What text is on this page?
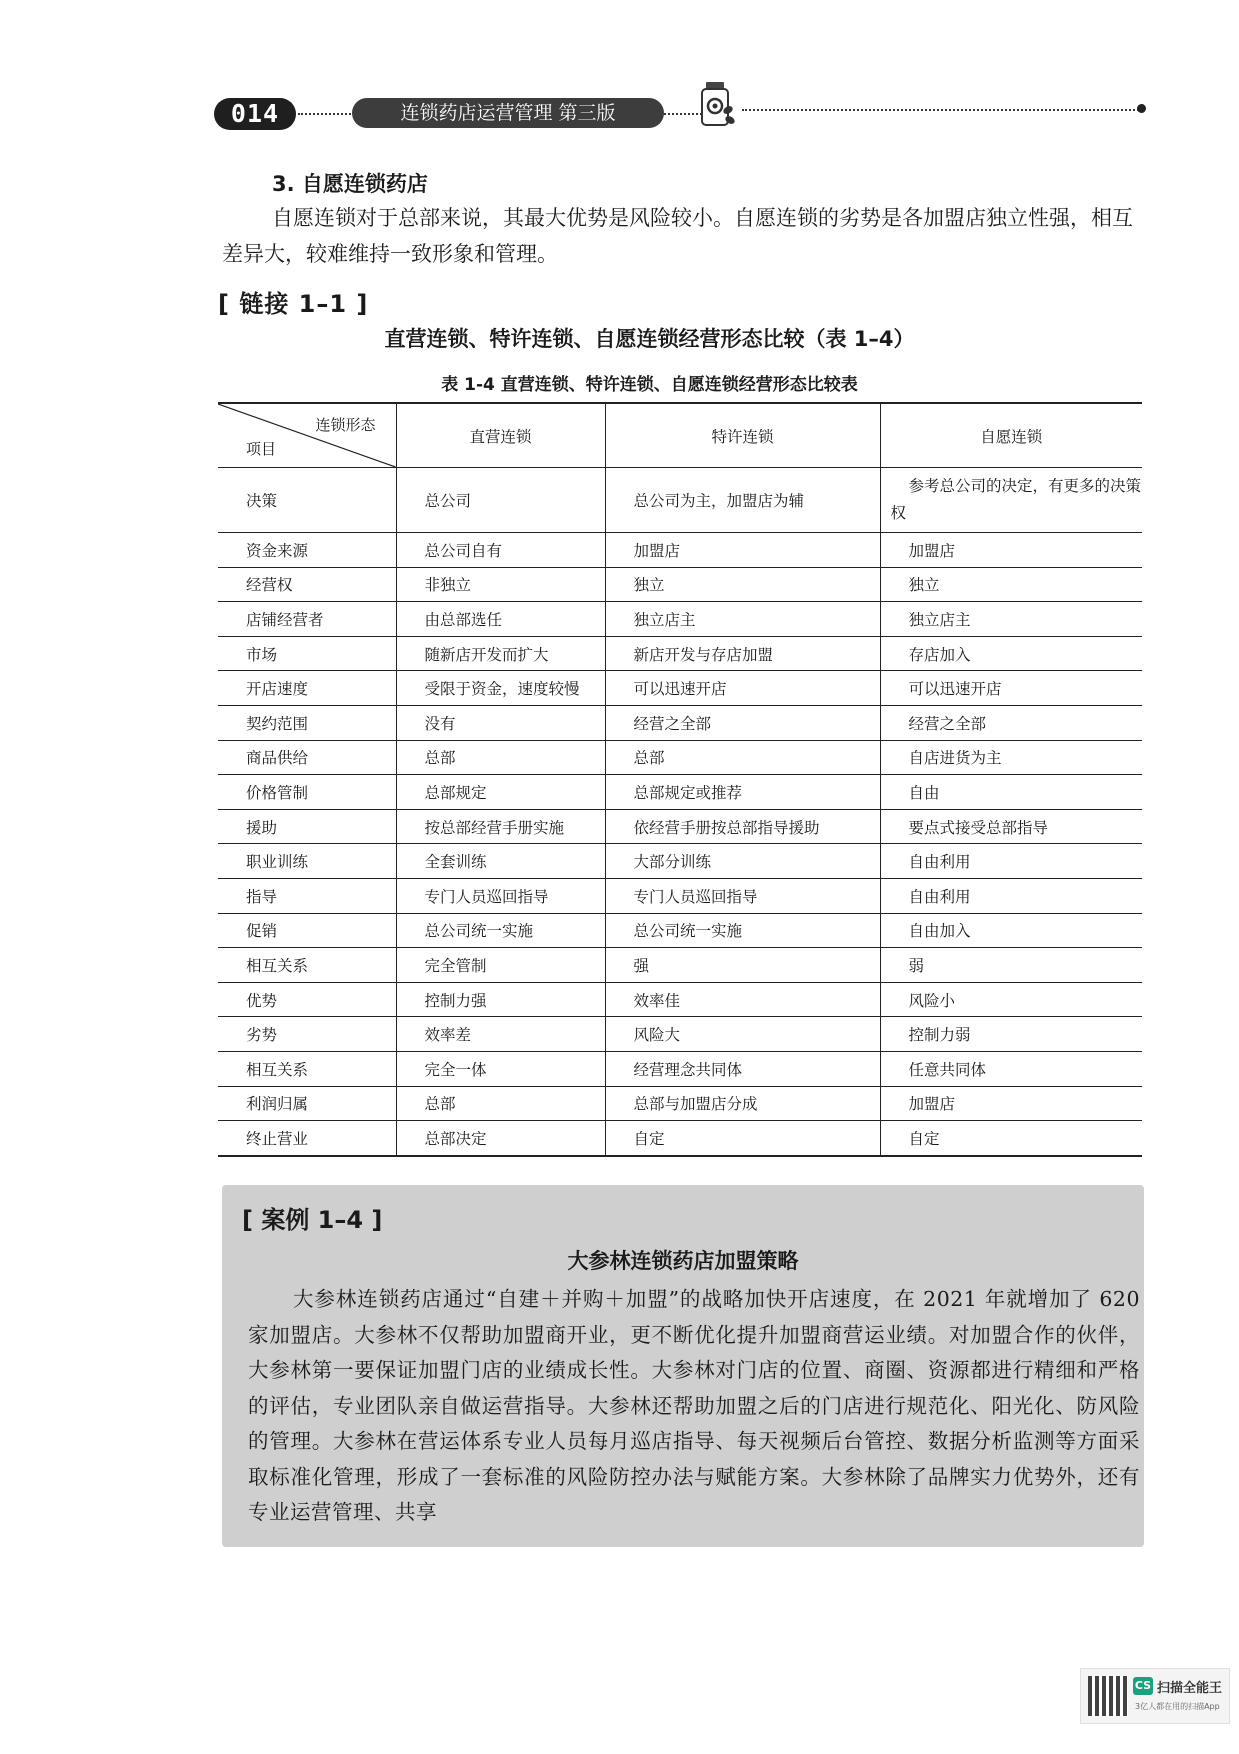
014	连锁药店运营管理 第三版
3. 自愿连锁药店
自愿连锁对于总部来说，其最大优势是风险较小。自愿连锁的劣势是各加盟店独立性强，相互差异大，较难维持一致形象和管理。
[ 链接 1–1 ]
直营连锁、特许连锁、自愿连锁经营形态比较（表 1–4）
表 1-4 直营连锁、特许连锁、自愿连锁经营形态比较表
连锁形态
项目	直营连锁	特许连锁	自愿连锁
决策	总公司	总公司为主，加盟店为辅	参考总公司的决定，有更多的决策权
资金来源	总公司自有	加盟店	加盟店
经营权	非独立	独立	独立
店铺经营者	由总部选任	独立店主	独立店主
市场	随新店开发而扩大	新店开发与存店加盟	存店加入
开店速度	受限于资金，速度较慢	可以迅速开店	可以迅速开店
契约范围	没有	经营之全部	经营之全部
商品供给	总部	总部	自店进货为主
价格管制	总部规定	总部规定或推荐	自由
援助	按总部经营手册实施	依经营手册按总部指导援助	要点式接受总部指导
职业训练	全套训练	大部分训练	自由利用
指导	专门人员巡回指导	专门人员巡回指导	自由利用
促销	总公司统一实施	总公司统一实施	自由加入
相互关系	完全管制	强	弱
优势	控制力强	效率佳	风险小
劣势	效率差	风险大	控制力弱
相互关系	完全一体	经营理念共同体	任意共同体
利润归属	总部	总部与加盟店分成	加盟店
终止营业	总部决定	自定	自定
[ 案例 1–4 ]
大参林连锁药店加盟策略
大参林连锁药店通过“自建＋并购＋加盟”的战略加快开店速度，在 2021 年就增加了 620 家加盟店。大参林不仅帮助加盟商开业，更不断优化提升加盟商营运业绩。对加盟合作的伙伴，大参林第一要保证加盟门店的业绩成长性。大参林对门店的位置、商圈、资源都进行精细和严格的评估，专业团队亲自做运营指导。大参林还帮助加盟之后的门店进行规范化、阳光化、防风险的管理。大参林在营运体系专业人员每月巡店指导、每天视频后台管控、数据分析监测等方面采取标准化管理，形成了一套标准的风险防控办法与赋能方案。大参林除了品牌实力优势外，还有专业运营管理、共享
CS 扫描全能王
3亿人都在用的扫描App
